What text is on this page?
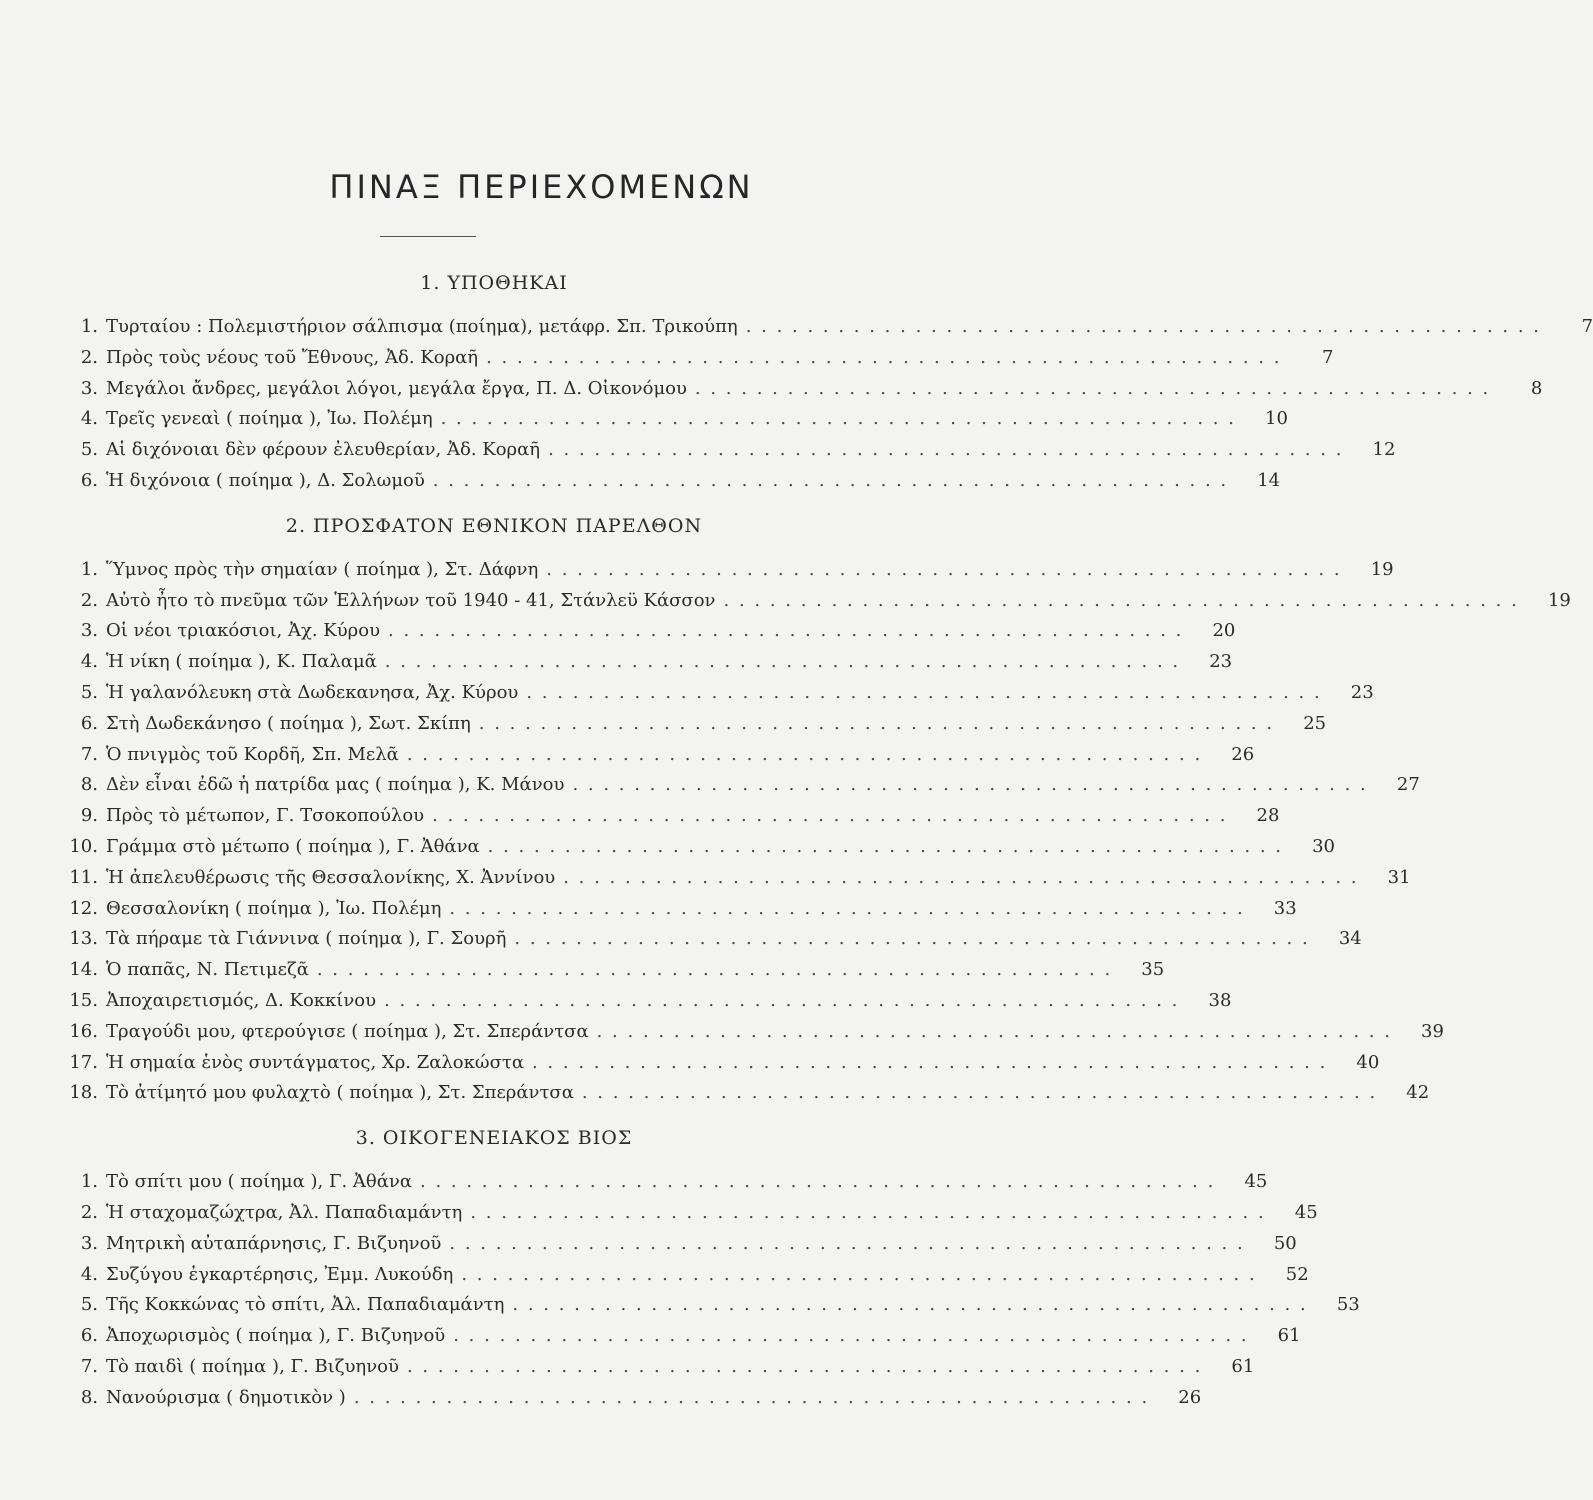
ΠΙΝΑΞ ΠΕΡΙΕΧΟΜΕΝΩΝ
1. ΥΠΟΘΗΚΑΙ
1. Τυρταίου : Πολεμιστήριον σάλπισμα (ποίημα), μετάφρ. Σπ. Τρικούπη . . .	7
2. Πρὸς τοὺς νέους τοῦ Ἔθνους, Ἀδ. Κοραῆ . . .	7
3. Μεγάλοι ἄνδρες, μεγάλοι λόγοι, μεγάλα ἔργα, Π. Δ. Οἰκονόμου . . .	8
4. Τρεῖς γενεαὶ ( ποίημα ), Ἰω. Πολέμη . . .	10
5. Αἱ διχόνοιαι δὲν φέρουν ἐλευθερίαν, Ἀδ. Κοραῆ . . .	12
6. Ἡ διχόνοια ( ποίημα ), Δ. Σολωμοῦ . . .	14
2. ΠΡΟΣΦΑΤΟΝ ΕΘΝΙΚΟΝ ΠΑΡΕΛΘΟΝ
1. Ὕμνος πρὸς τὴν σημαίαν ( ποίημα ), Στ. Δάφνη . . .	19
2. Αὐτὸ ἦτο τὸ πνεῦμα τῶν Ἑλλήνων τοῦ 1940 - 41, Στάνλεϋ Κάσσον . . .	19
3. Οἱ νέοι τριακόσιοι, Ἀχ. Κύρου . . .	20
4. Ἡ νίκη ( ποίημα ), Κ. Παλαμᾶ . . .	23
5. Ἡ γαλανόλευκη στὰ Δωδεκανησα, Ἀχ. Κύρου . . .	23
6. Στὴ Δωδεκάνησο ( ποίημα ), Σωτ. Σκίπη . . .	25
7. Ὁ πνιγμὸς τοῦ Κορδῆ, Σπ. Μελᾶ . . .	26
8. Δὲν εἶναι ἐδῶ ἡ πατρίδα μας ( ποίημα ), Κ. Μάνου . . .	27
9. Πρὸς τὸ μέτωπον, Γ. Τσοκοπούλου . . .	28
10. Γράμμα στὸ μέτωπο ( ποίημα ), Γ. Ἀθάνα . . .	30
11. Ἡ ἀπελευθέρωσις τῆς Θεσσαλονίκης, Χ. Ἀννίνου . . .	31
12. Θεσσαλονίκη ( ποίημα ), Ἰω. Πολέμη . . .	33
13. Τὰ πήραμε τὰ Γιάννινα ( ποίημα ), Γ. Σουρῆ . . .	34
14. Ὁ παπᾶς, Ν. Πετιμεζᾶ . . .	35
15. Ἀποχαιρετισμός, Δ. Κοκκίνου . . .	38
16. Τραγούδι μου, φτερούγισε ( ποίημα ), Στ. Σπεράντσα . . .	39
17. Ἡ σημαία ἑνὸς συντάγματος, Χρ. Ζαλοκώστα . . .	40
18. Τὸ ἀτίμητό μου φυλαχτὸ ( ποίημα ), Στ. Σπεράντσα . . .	42
3. ΟΙΚΟΓΕΝΕΙΑΚΟΣ ΒΙΟΣ
1. Τὸ σπίτι μου ( ποίημα ), Γ. Ἀθάνα . . .	45
2. Ἡ σταχομαζώχτρα, Ἀλ. Παπαδιαμάντη . . .	45
3. Μητρικὴ αὐταπάρνησις, Γ. Βιζυηνοῦ . . .	50
4. Συζύγου ἐγκαρτέρησις, Ἐμμ. Λυκούδη . . .	52
5. Τῆς Κοκκώνας τὸ σπίτι, Ἀλ. Παπαδιαμάντη . . .	53
6. Ἀποχωρισμὸς ( ποίημα ), Γ. Βιζυηνοῦ . . .	61
7. Τὸ παιδὶ ( ποίημα ), Γ. Βιζυηνοῦ . . .	61
8. Νανούρισμα ( δημοτικὸν ) . . .	26
